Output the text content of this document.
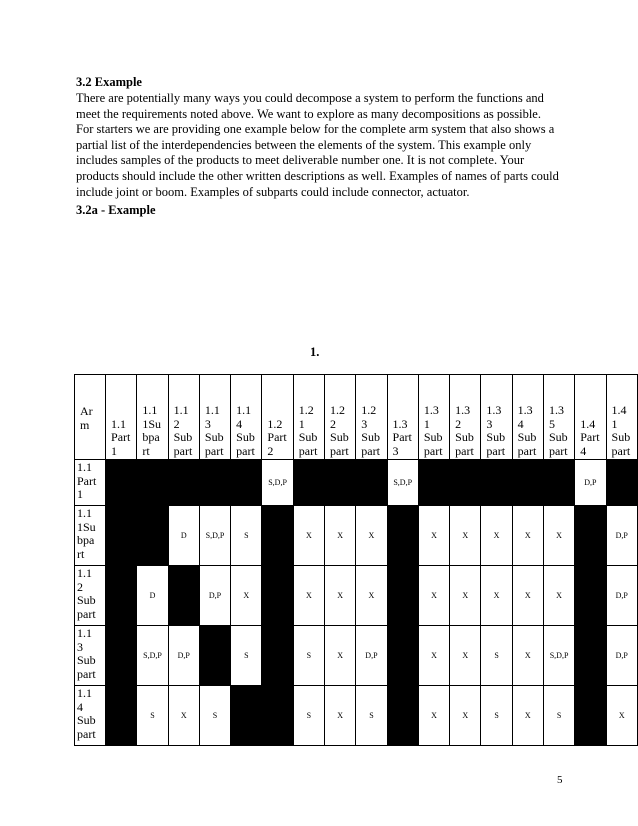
3.2 Example
There are potentially many ways you could decompose a system to perform the functions and
meet the requirements noted above. We want to explore as many decompositions as possible.
For starters we are providing one example below for the complete arm system that also shows a
partial list of the interdependencies between the elements of the system. This example only
includes samples of the products to meet deliverable number one. It is not complete. Your
products should include the other written descriptions as well. Examples of names of parts could
include joint or boom. Examples of subparts could include connector, actuator.
3.2a - Example
1.
Ar
m	1.1
Part
1	1.1
1Su
bpa
rt	1.1
2
Sub
part	1.1
3
Sub
part	1.1
4
Sub
part	1.2
Part
2	1.2
1
Sub
part	1.2
2
Sub
part	1.2
3
Sub
part	1.3
Part
3	1.3
1
Sub
part	1.3
2
Sub
part	1.3
3
Sub
part	1.3
4
Sub
part	1.3
5
Sub
part	1.4
Part
4	1.4
1
Sub
part

1.1
Part
1						S,D,P				S,D,P						D,P	
1.1
1Su
bpa
rt			D	S,D,P	S		X	X	X		X	X	X	X	X		D,P
1.1
2
Sub
part		D		D,P	X		X	X	X		X	X	X	X	X		D,P
1.1
3
Sub
part		S,D,P	D,P		S		S	X	D,P		X	X	S	X	S,D,P		D,P
1.1
4
Sub
part		S	X	S			S	X	S		X	X	S	X	S		X
5
